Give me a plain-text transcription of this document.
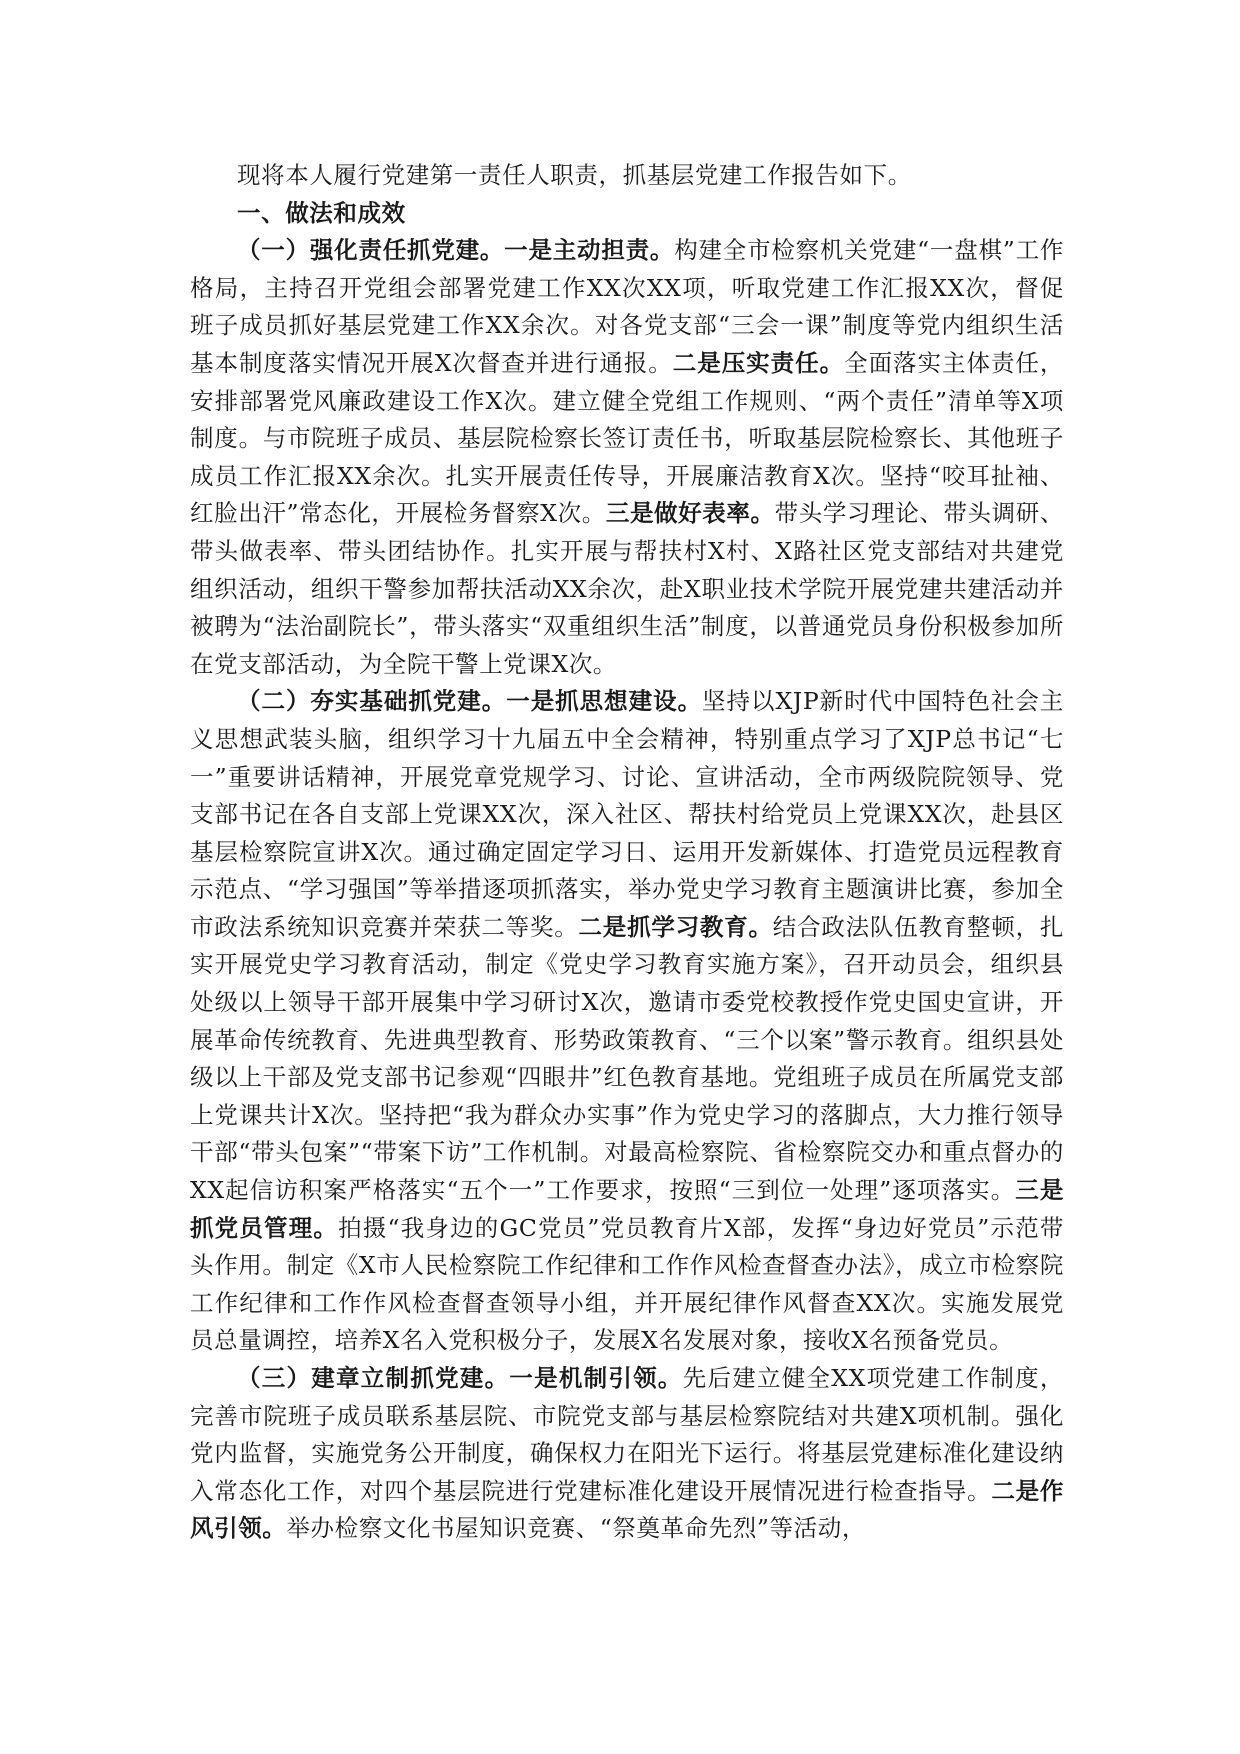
现将本人履行党建第一责任人职责，抓基层党建工作报告如下。

一、做法和成效

（一）强化责任抓党建。一是主动担责。构建全市检察机关党建“一盘棋”工作格局，主持召开党组会部署党建工作XX次XX项，听取党建工作汇报XX次，督促班子成员抓好基层党建工作XX余次。对各党支部“三会一课”制度等党内组织生活基本制度落实情况开展X次督查并进行通报。二是压实责任。全面落实主体责任，安排部署党风廉政建设工作X次。建立健全党组工作规则、“两个责任”清单等X项制度。与市院班子成员、基层院检察长签订责任书，听取基层院检察长、其他班子成员工作汇报XX余次。扎实开展责任传导，开展廉洁教育X次。坚持“咬耳扯袖、红脸出汗”常态化，开展检务督察X次。三是做好表率。带头学习理论、带头调研、带头做表率、带头团结协作。扎实开展与帮扶村X村、X路社区党支部结对共建党组织活动，组织干警参加帮扶活动XX余次，赴X职业技术学院开展党建共建活动并被聘为“法治副院长”，带头落实“双重组织生活”制度，以普通党员身份积极参加所在党支部活动，为全院干警上党课X次。

（二）夯实基础抓党建。一是抓思想建设。坚持以XJP新时代中国特色社会主义思想武装头脑，组织学习十九届五中全会精神，特别重点学习了XJP总书记“七一”重要讲话精神，开展党章党规学习、讨论、宣讲活动，全市两级院院领导、党支部书记在各自支部上党课XX次，深入社区、帮扶村给党员上党课XX次，赴县区基层检察院宣讲X次。通过确定固定学习日、运用开发新媒体、打造党员远程教育示范点、“学习强国”等举措逐项抓落实，举办党史学习教育主题演讲比赛，参加全市政法系统知识竞赛并荣获二等奖。二是抓学习教育。结合政法队伍教育整顿，扎实开展党史学习教育活动，制定《党史学习教育实施方案》，召开动员会，组织县处级以上领导干部开展集中学习研讨X次，邀请市委党校教授作党史国史宣讲，开展革命传统教育、先进典型教育、形势政策教育、“三个以案”警示教育。组织县处级以上干部及党支部书记参观“四眼井”红色教育基地。党组班子成员在所属党支部上党课共计X次。坚持把“我为群众办实事”作为党史学习的落脚点，大力推行领导干部“带头包案”“带案下访”工作机制。对最高检察院、省检察院交办和重点督办的XX起信访积案严格落实“五个一”工作要求，按照“三到位一处理”逐项落实。三是抓党员管理。拍摄“我身边的GC党员”党员教育片X部，发挥“身边好党员”示范带头作用。制定《X市人民检察院工作纪律和工作作风检查督查办法》，成立市检察院工作纪律和工作作风检查督查领导小组，并开展纪律作风督查XX次。实施发展党员总量调控，培养X名入党积极分子，发展X名发展对象，接收X名预备党员。

（三）建章立制抓党建。一是机制引领。先后建立健全XX项党建工作制度，完善市院班子成员联系基层院、市院党支部与基层检察院结对共建X项机制。强化党内监督，实施党务公开制度，确保权力在阳光下运行。将基层党建标准化建设纳入常态化工作，对四个基层院进行党建标准化建设开展情况进行检查指导。二是作风引领。举办检察文化书屋知识竞赛、“祭奠革命先烈”等活动，
